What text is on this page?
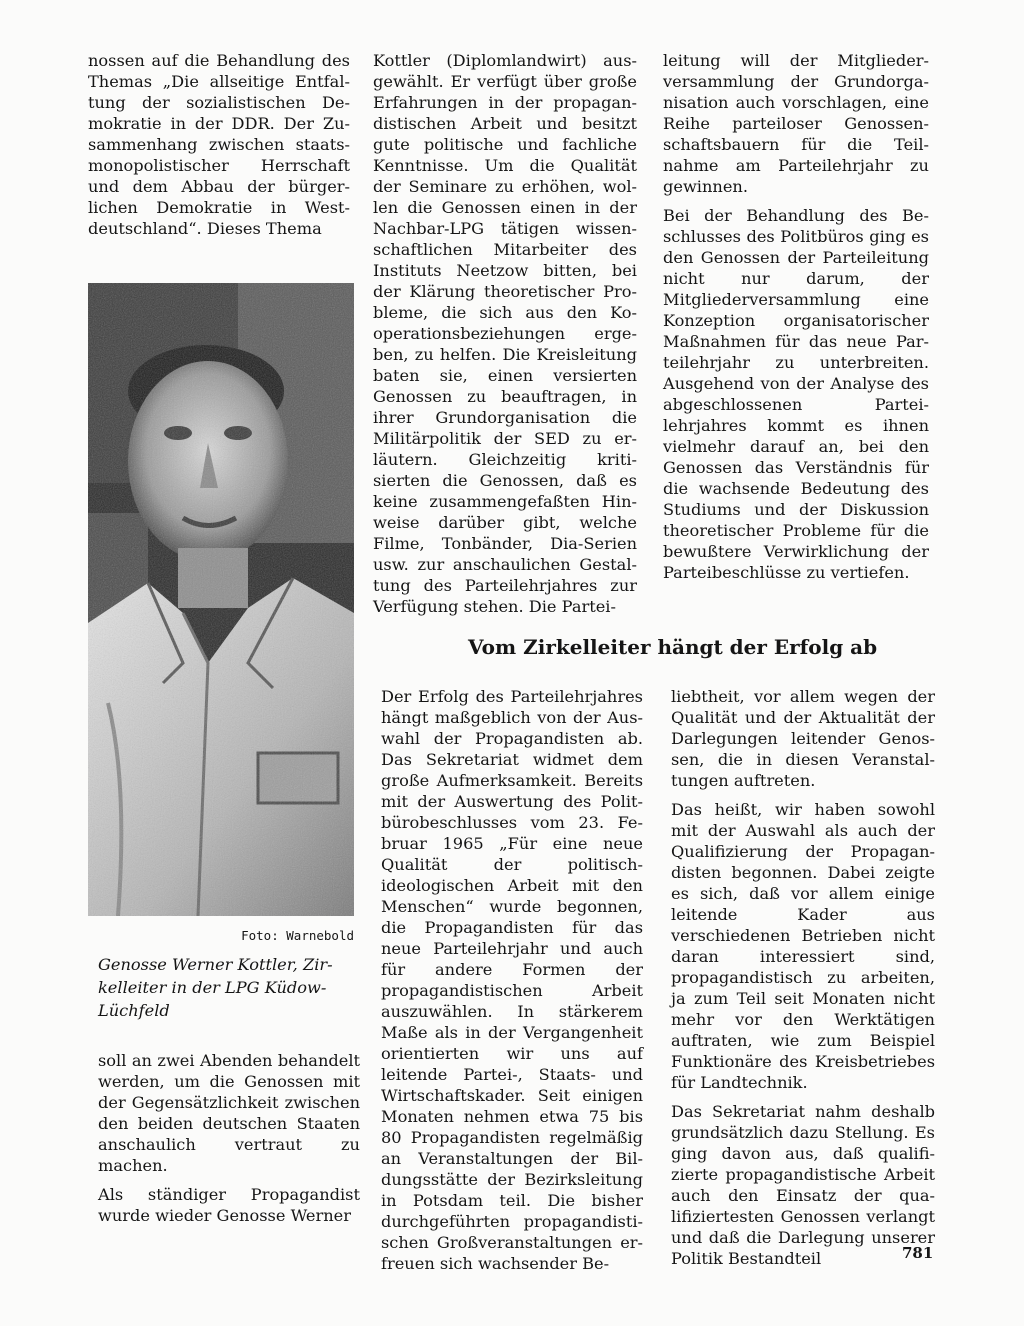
nossen auf die Behandlung des Themas „Die allseitige Entfaltung der sozialistischen Demokratie in der DDR. Der Zusammenhang zwischen staatsmonopolistischer Herrschaft und dem Abbau der bürgerlichen Demokratie in Westdeutschland“. Dieses Thema

Foto: Warnebold

Genosse Werner Kottler, Zirkelleiter in der LPG Küdow-Lüchfeld

soll an zwei Abenden behandelt werden, um die Genossen mit der Gegensätzlichkeit zwischen den beiden deutschen Staaten anschaulich vertraut zu machen.

Als ständiger Propagandist wurde wieder Genosse Werner

Kottler (Diplomlandwirt) ausgewählt. Er verfügt über große Erfahrungen in der propagandistischen Arbeit und besitzt gute politische und fachliche Kenntnisse. Um die Qualität der Seminare zu erhöhen, wollen die Genossen einen in der Nachbar-LPG tätigen wissenschaftlichen Mitarbeiter des Instituts Neetzow bitten, bei der Klärung theoretischer Probleme, die sich aus den Kooperationsbeziehungen ergeben, zu helfen. Die Kreisleitung baten sie, einen versierten Genossen zu beauftragen, in ihrer Grundorganisation die Militärpolitik der SED zu erläutern. Gleichzeitig kritisierten die Genossen, daß es keine zusammengefaßten Hinweise darüber gibt, welche Filme, Tonbänder, Dia-Serien usw. zur anschaulichen Gestaltung des Parteilehrjahres zur Verfügung stehen. Die Partei-

leitung will der Mitgliederversammlung der Grundorganisation auch vorschlagen, eine Reihe parteiloser Genossenschaftsbauern für die Teilnahme am Parteilehrjahr zu gewinnen.

Bei der Behandlung des Beschlusses des Politbüros ging es den Genossen der Parteileitung nicht nur darum, der Mitgliederversammlung eine Konzeption organisatorischer Maßnahmen für das neue Parteilehrjahr zu unterbreiten. Ausgehend von der Analyse des abgeschlossenen Parteilehrjahres kommt es ihnen vielmehr darauf an, bei den Genossen das Verständnis für die wachsende Bedeutung des Studiums und der Diskussion theoretischer Probleme für die bewußtere Verwirklichung der Parteibeschlüsse zu vertiefen.

Vom Zirkelleiter hängt der Erfolg ab

Der Erfolg des Parteilehrjahres hängt maßgeblich von der Auswahl der Propagandisten ab. Das Sekretariat widmet dem große Aufmerksamkeit. Bereits mit der Auswertung des Politbürobeschlusses vom 23. Februar 1965 „Für eine neue Qualität der politisch-ideologischen Arbeit mit den Menschen“ wurde begonnen, die Propagandisten für das neue Parteilehrjahr und auch für andere Formen der propagandistischen Arbeit auszuwählen. In stärkerem Maße als in der Vergangenheit orientierten wir uns auf leitende Partei-, Staats- und Wirtschaftskader. Seit einigen Monaten nehmen etwa 75 bis 80 Propagandisten regelmäßig an Veranstaltungen der Bildungsstätte der Bezirksleitung in Potsdam teil. Die bisher durchgeführten propagandistischen Großveranstaltungen erfreuen sich wachsender Be-

liebtheit, vor allem wegen der Qualität und der Aktualität der Darlegungen leitender Genossen, die in diesen Veranstaltungen auftreten.

Das heißt, wir haben sowohl mit der Auswahl als auch der Qualifizierung der Propagandisten begonnen. Dabei zeigte es sich, daß vor allem einige leitende Kader aus verschiedenen Betrieben nicht daran interessiert sind, propagandistisch zu arbeiten, ja zum Teil seit Monaten nicht mehr vor den Werktätigen auftraten, wie zum Beispiel Funktionäre des Kreisbetriebes für Landtechnik.

Das Sekretariat nahm deshalb grundsätzlich dazu Stellung. Es ging davon aus, daß qualifizierte propagandistische Arbeit auch den Einsatz der qualifiziertesten Genossen verlangt und daß die Darlegung unserer Politik Bestandteil	781
